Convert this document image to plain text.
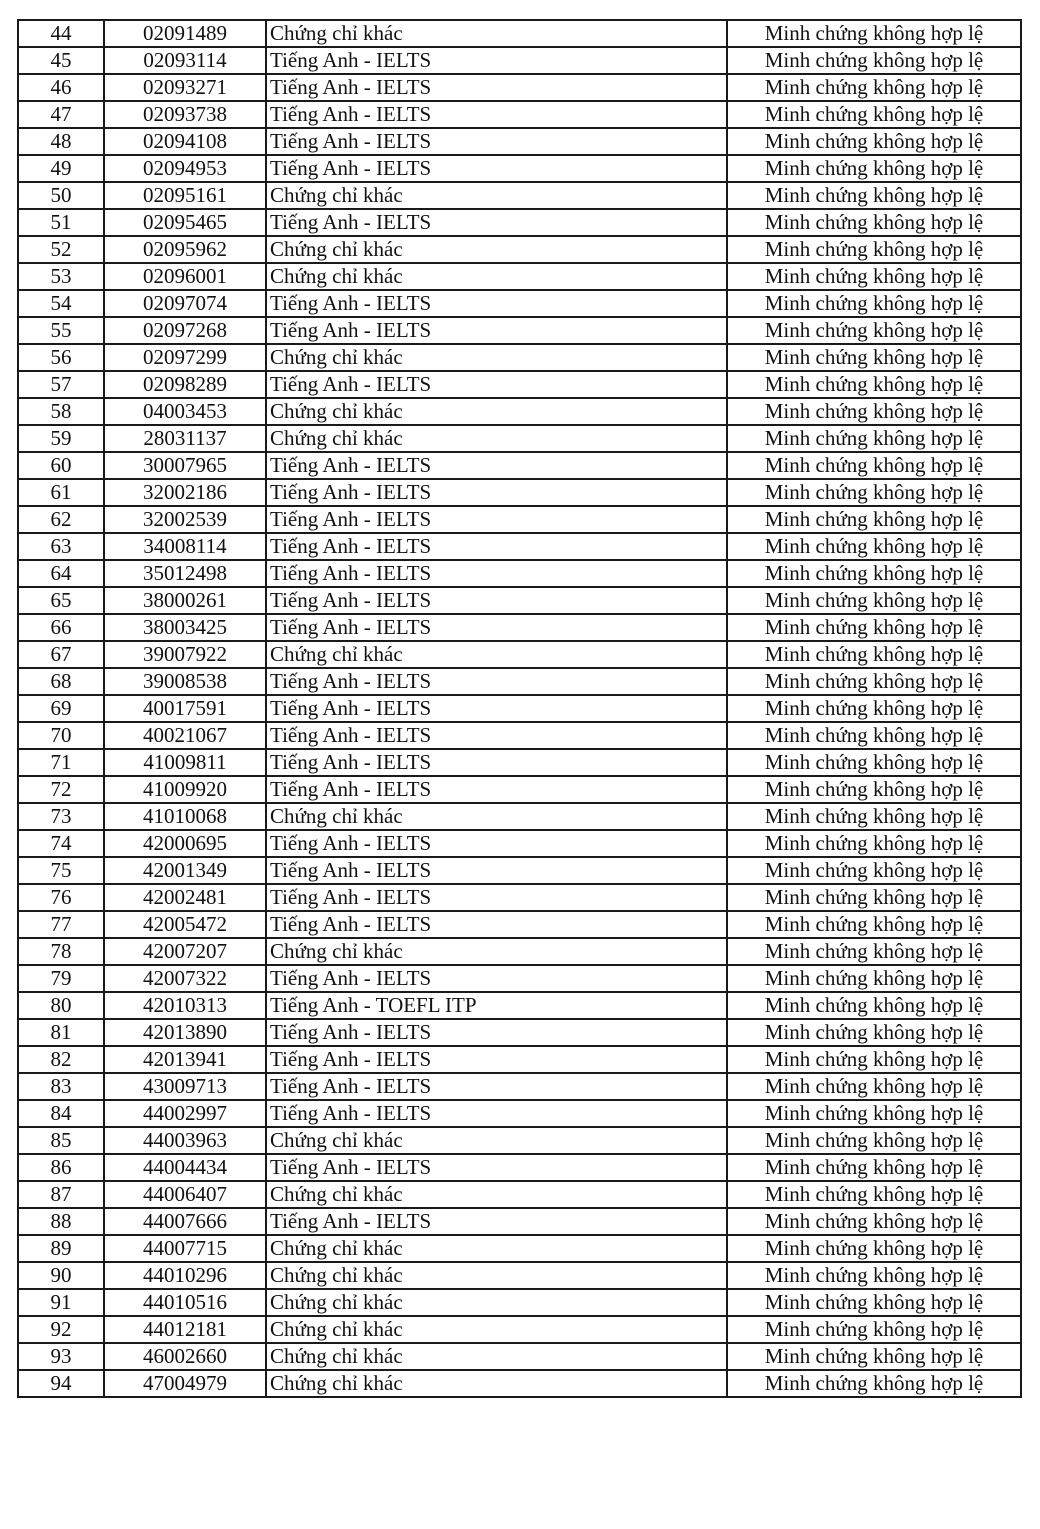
44	02091489	Chứng chỉ khác	Minh chứng không hợp lệ
45	02093114	Tiếng Anh - IELTS	Minh chứng không hợp lệ
46	02093271	Tiếng Anh - IELTS	Minh chứng không hợp lệ
47	02093738	Tiếng Anh - IELTS	Minh chứng không hợp lệ
48	02094108	Tiếng Anh - IELTS	Minh chứng không hợp lệ
49	02094953	Tiếng Anh - IELTS	Minh chứng không hợp lệ
50	02095161	Chứng chỉ khác	Minh chứng không hợp lệ
51	02095465	Tiếng Anh - IELTS	Minh chứng không hợp lệ
52	02095962	Chứng chỉ khác	Minh chứng không hợp lệ
53	02096001	Chứng chỉ khác	Minh chứng không hợp lệ
54	02097074	Tiếng Anh - IELTS	Minh chứng không hợp lệ
55	02097268	Tiếng Anh - IELTS	Minh chứng không hợp lệ
56	02097299	Chứng chỉ khác	Minh chứng không hợp lệ
57	02098289	Tiếng Anh - IELTS	Minh chứng không hợp lệ
58	04003453	Chứng chỉ khác	Minh chứng không hợp lệ
59	28031137	Chứng chỉ khác	Minh chứng không hợp lệ
60	30007965	Tiếng Anh - IELTS	Minh chứng không hợp lệ
61	32002186	Tiếng Anh - IELTS	Minh chứng không hợp lệ
62	32002539	Tiếng Anh - IELTS	Minh chứng không hợp lệ
63	34008114	Tiếng Anh - IELTS	Minh chứng không hợp lệ
64	35012498	Tiếng Anh - IELTS	Minh chứng không hợp lệ
65	38000261	Tiếng Anh - IELTS	Minh chứng không hợp lệ
66	38003425	Tiếng Anh - IELTS	Minh chứng không hợp lệ
67	39007922	Chứng chỉ khác	Minh chứng không hợp lệ
68	39008538	Tiếng Anh - IELTS	Minh chứng không hợp lệ
69	40017591	Tiếng Anh - IELTS	Minh chứng không hợp lệ
70	40021067	Tiếng Anh - IELTS	Minh chứng không hợp lệ
71	41009811	Tiếng Anh - IELTS	Minh chứng không hợp lệ
72	41009920	Tiếng Anh - IELTS	Minh chứng không hợp lệ
73	41010068	Chứng chỉ khác	Minh chứng không hợp lệ
74	42000695	Tiếng Anh - IELTS	Minh chứng không hợp lệ
75	42001349	Tiếng Anh - IELTS	Minh chứng không hợp lệ
76	42002481	Tiếng Anh - IELTS	Minh chứng không hợp lệ
77	42005472	Tiếng Anh - IELTS	Minh chứng không hợp lệ
78	42007207	Chứng chỉ khác	Minh chứng không hợp lệ
79	42007322	Tiếng Anh - IELTS	Minh chứng không hợp lệ
80	42010313	Tiếng Anh - TOEFL ITP	Minh chứng không hợp lệ
81	42013890	Tiếng Anh - IELTS	Minh chứng không hợp lệ
82	42013941	Tiếng Anh - IELTS	Minh chứng không hợp lệ
83	43009713	Tiếng Anh - IELTS	Minh chứng không hợp lệ
84	44002997	Tiếng Anh - IELTS	Minh chứng không hợp lệ
85	44003963	Chứng chỉ khác	Minh chứng không hợp lệ
86	44004434	Tiếng Anh - IELTS	Minh chứng không hợp lệ
87	44006407	Chứng chỉ khác	Minh chứng không hợp lệ
88	44007666	Tiếng Anh - IELTS	Minh chứng không hợp lệ
89	44007715	Chứng chỉ khác	Minh chứng không hợp lệ
90	44010296	Chứng chỉ khác	Minh chứng không hợp lệ
91	44010516	Chứng chỉ khác	Minh chứng không hợp lệ
92	44012181	Chứng chỉ khác	Minh chứng không hợp lệ
93	46002660	Chứng chỉ khác	Minh chứng không hợp lệ
94	47004979	Chứng chỉ khác	Minh chứng không hợp lệ
